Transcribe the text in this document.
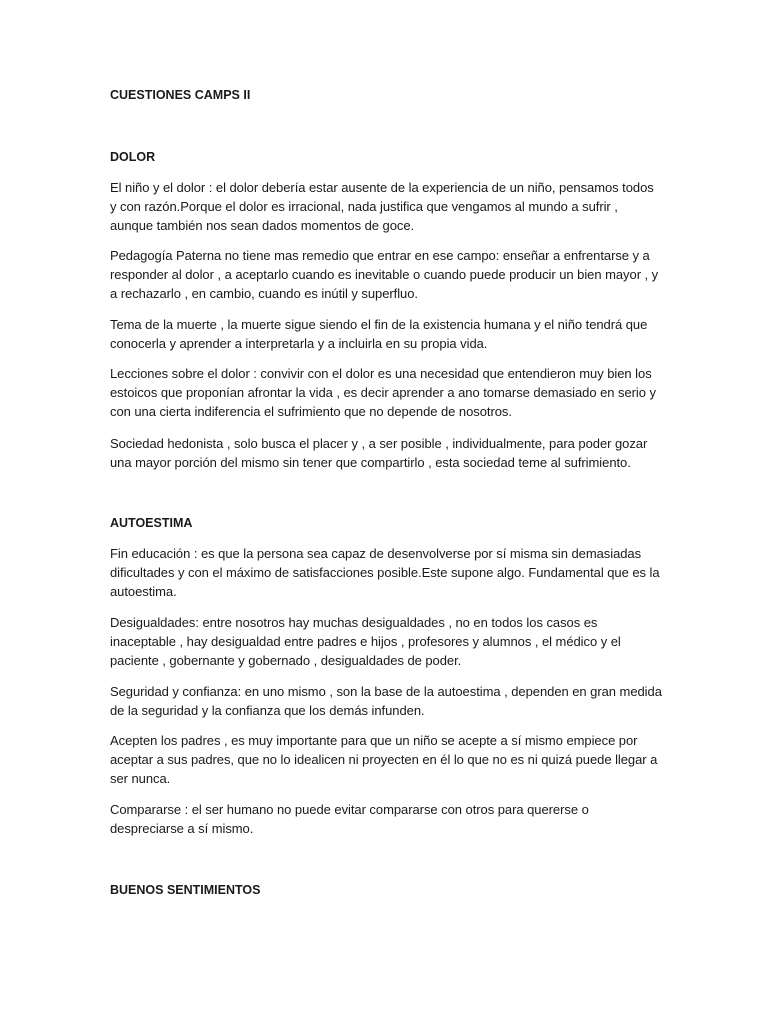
CUESTIONES CAMPS II
DOLOR

El niño y el dolor : el dolor debería estar ausente de la experiencia de un niño, pensamos todos y con razón.Porque el dolor es irracional, nada justifica que vengamos al mundo a sufrir , aunque también nos sean dados momentos de goce.

Pedagogía Paterna no tiene mas remedio que entrar en ese campo: enseñar a enfrentarse y a responder al dolor , a aceptarlo cuando es inevitable o cuando puede producir un bien mayor , y a rechazarlo , en cambio, cuando es inútil y superfluo.

Tema de la muerte , la muerte sigue siendo el fin de la existencia humana y el niño tendrá que conocerla y aprender a interpretarla y a incluirla en su propia vida.

Lecciones sobre el dolor : convivir con el dolor es una necesidad que entendieron muy bien los estoicos que proponían afrontar la vida , es decir aprender a ano tomarse demasiado en serio y con una cierta indiferencia el sufrimiento que no depende de nosotros.

Sociedad hedonista , solo busca el placer y , a ser posible , individualmente, para poder gozar una mayor porción del mismo sin tener que compartirlo , esta sociedad teme al sufrimiento.

AUTOESTIMA

Fin educación : es que la persona sea capaz de desenvolverse por sí misma sin demasiadas dificultades y con el máximo de satisfacciones posible.Este supone algo. Fundamental que es la autoestima.

Desigualdades: entre nosotros hay muchas desigualdades , no en todos los casos es inaceptable , hay desigualdad entre padres e hijos , profesores y alumnos , el médico y el paciente , gobernante y gobernado , desigualdades de poder.

Seguridad y confianza: en uno mismo , son la base de la autoestima , dependen en gran medida de la seguridad y la confianza que los demás infunden.

Acepten los padres , es muy importante para que un niño se acepte a sí mismo empiece por aceptar a sus padres, que no lo idealicen ni proyecten en él lo que no es ni quizá puede llegar a ser nunca.

Compararse : el ser humano no puede evitar compararse con otros para quererse o despreciarse a sí mismo.

BUENOS SENTIMIENTOS
